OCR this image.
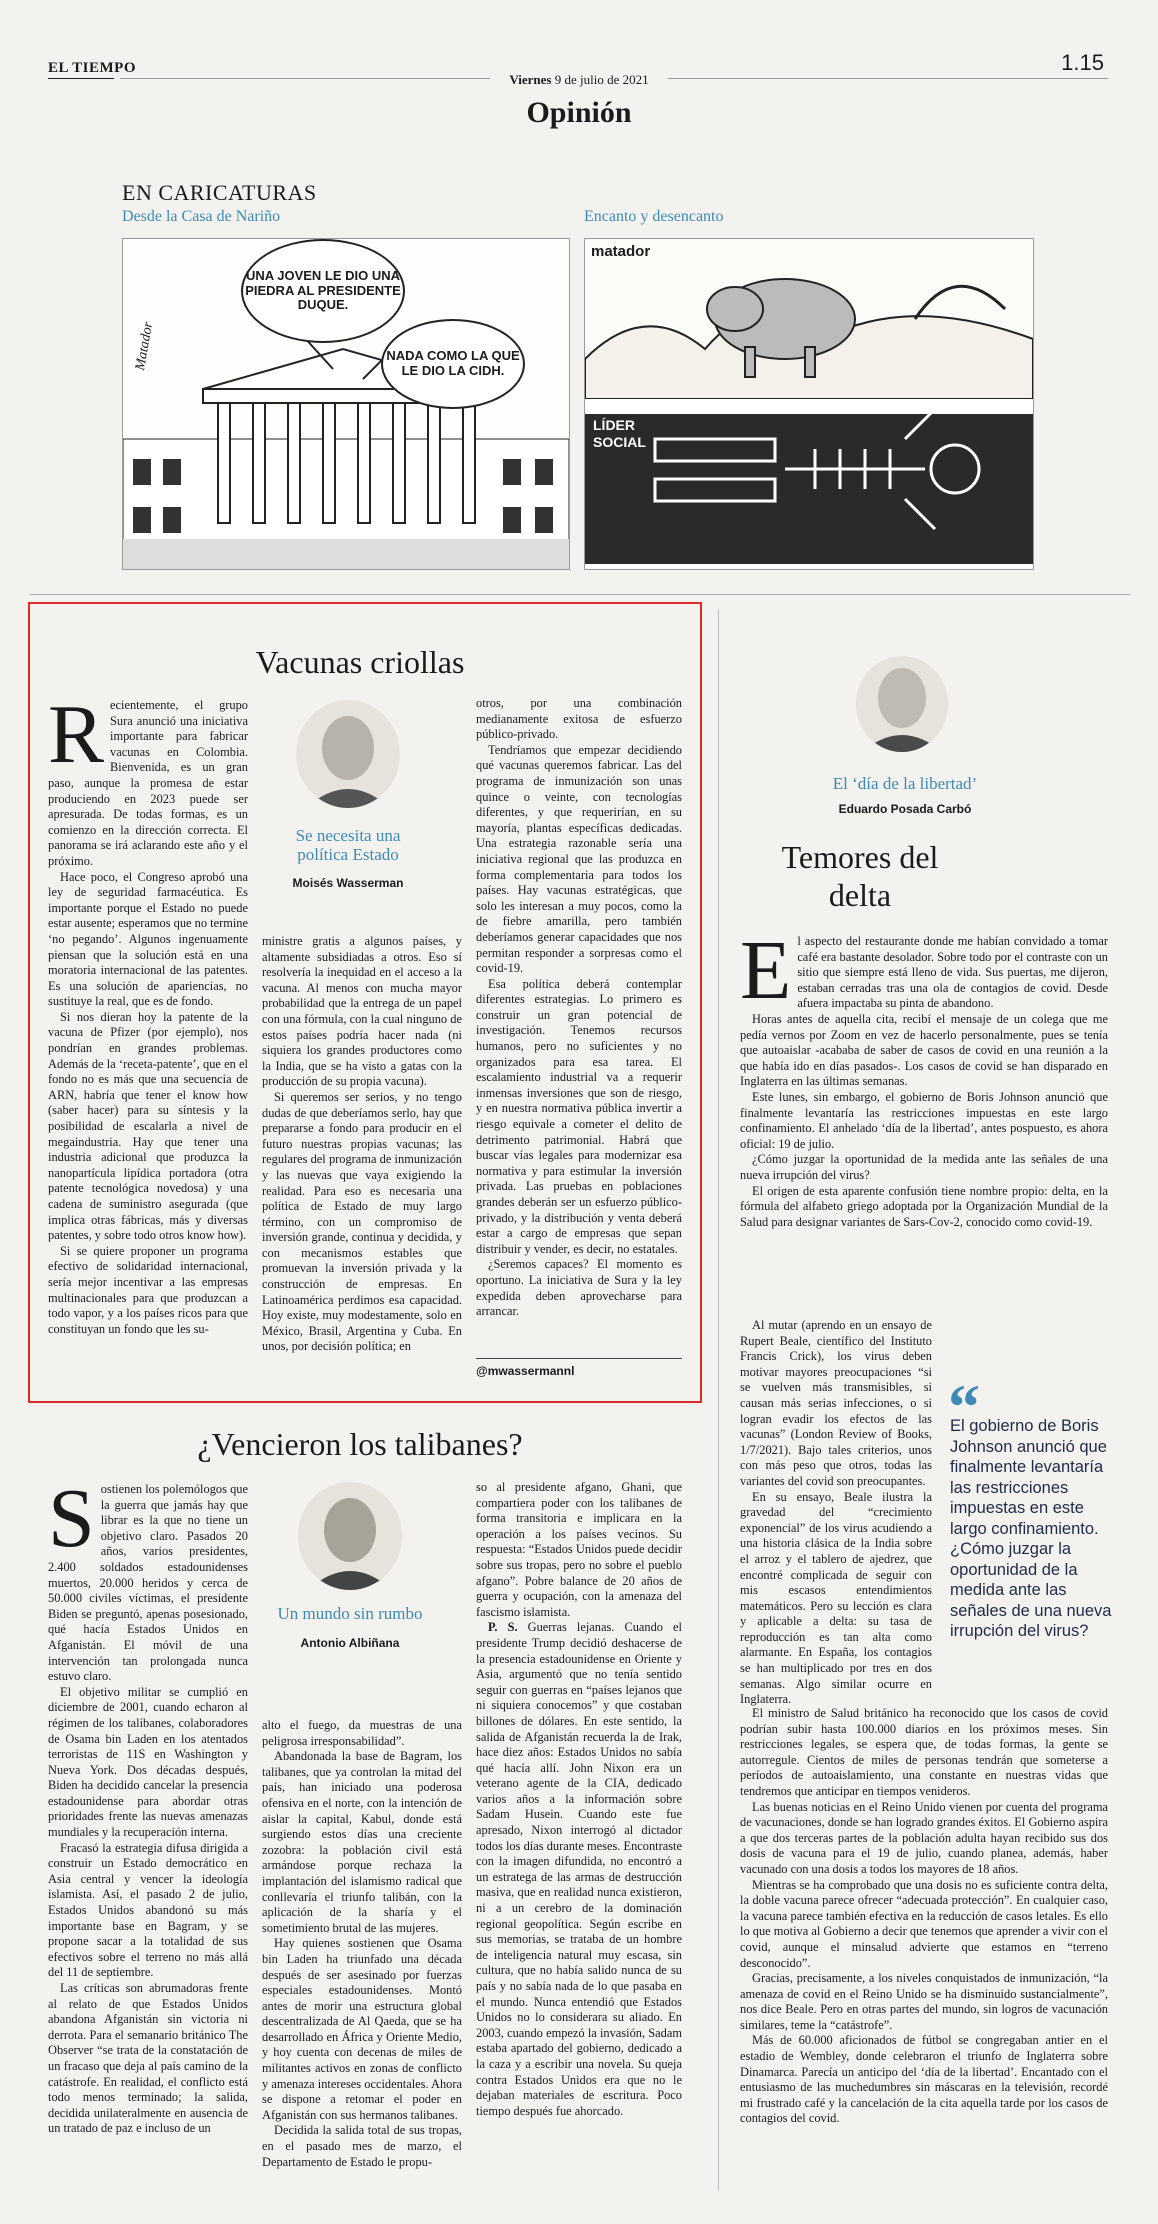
EL TIEMPO	1.15
Viernes 9 de julio de 2021
Opinión
EN CARICATURAS
Desde la Casa de Nariño	Encanto y desencanto
UNA JOVEN LE DIO UNA PIEDRA AL PRESIDENTE DUQUE.
NADA COMO LA QUE LE DIO LA CIDH.
Matador
matador
LÍDER SOCIAL
Vacunas criollas

Recientemente, el grupo Sura anunció una iniciativa importante para fabricar vacunas en Colombia. Bienvenida, es un gran paso, aunque la promesa de estar produciendo en 2023 puede ser apresurada. De todas formas, es un comienzo en la dirección correcta. El panorama se irá aclarando este año y el próximo.

Hace poco, el Congreso aprobó una ley de seguridad farmacéutica. Es importante porque el Estado no puede estar ausente; esperamos que no termine ‘no pegando’. Algunos ingenuamente piensan que la solución está en una moratoria internacional de las patentes. Es una solución de apariencias, no sustituye la real, que es de fondo.

Si nos dieran hoy la patente de la vacuna de Pfizer (por ejemplo), nos pondrían en grandes problemas. Además de la ‘receta-patente’, que en el fondo no es más que una secuencia de ARN, habría que tener el know how (saber hacer) para su síntesis y la posibilidad de escalarla a nivel de megaindustria. Hay que tener una industria adicional que produzca la nanopartícula lipídica portadora (otra patente tecnológica novedosa) y una cadena de suministro asegurada (que implica otras fábricas, más y diversas patentes, y sobre todo otros know how).

Si se quiere proponer un programa efectivo de solidaridad internacional, sería mejor incentivar a las empresas multinacionales para que produzcan a todo vapor, y a los países ricos para que constituyan un fondo que les su-

Se necesita una política Estado
Moisés Wasserman

ministre gratis a algunos países, y altamente subsidiadas a otros. Eso sí resolvería la inequidad en el acceso a la vacuna. Al menos con mucha mayor probabilidad que la entrega de un papel con una fórmula, con la cual ninguno de estos países podría hacer nada (ni siquiera los grandes productores como la India, que se ha visto a gatas con la producción de su propia vacuna).

Si queremos ser serios, y no tengo dudas de que deberíamos serlo, hay que prepararse a fondo para producir en el futuro nuestras propias vacunas; las regulares del programa de inmunización y las nuevas que vaya exigiendo la realidad. Para eso es necesaria una política de Estado de muy largo término, con un compromiso de inversión grande, continua y decidida, y con mecanismos estables que promuevan la inversión privada y la construcción de empresas. En Latinoamérica perdimos esa capacidad. Hoy existe, muy modestamente, solo en México, Brasil, Argentina y Cuba. En unos, por decisión política; en

otros, por una combinación medianamente exitosa de esfuerzo público-privado.

Tendríamos que empezar decidiendo qué vacunas queremos fabricar. Las del programa de inmunización son unas quince o veinte, con tecnologías diferentes, y que requerirían, en su mayoría, plantas específicas dedicadas. Una estrategia razonable sería una iniciativa regional que las produzca en forma complementaria para todos los países. Hay vacunas estratégicas, que solo les interesan a muy pocos, como la de fiebre amarilla, pero también deberíamos generar capacidades que nos permitan responder a sorpresas como el covid-19.

Esa política deberá contemplar diferentes estrategias. Lo primero es construir un gran potencial de investigación. Tenemos recursos humanos, pero no suficientes y no organizados para esa tarea. El escalamiento industrial va a requerir inmensas inversiones que son de riesgo, y en nuestra normativa pública invertir a riesgo equivale a cometer el delito de detrimento patrimonial. Habrá que buscar vías legales para modernizar esa normativa y para estimular la inversión privada. Las pruebas en poblaciones grandes deberán ser un esfuerzo público-privado, y la distribución y venta deberá estar a cargo de empresas que sepan distribuir y vender, es decir, no estatales.

¿Seremos capaces? El momento es oportuno. La iniciativa de Sura y la ley expedida deben aprovecharse para arrancar.

@mwassermannl
¿Vencieron los talibanes?

Sostienen los polemólogos que la guerra que jamás hay que librar es la que no tiene un objetivo claro. Pasados 20 años, varios presidentes, 2.400 soldados estadounidenses muertos, 20.000 heridos y cerca de 50.000 civiles víctimas, el presidente Biden se preguntó, apenas posesionado, qué hacía Estados Unidos en Afganistán. El móvil de una intervención tan prolongada nunca estuvo claro.

El objetivo militar se cumplió en diciembre de 2001, cuando echaron al régimen de los talibanes, colaboradores de Osama bin Laden en los atentados terroristas de 11S en Washington y Nueva York. Dos décadas después, Biden ha decidido cancelar la presencia estadounidense para abordar otras prioridades frente las nuevas amenazas mundiales y la recuperación interna.

Fracasó la estrategia difusa dirigida a construir un Estado democrático en Asia central y vencer la ideología islamista. Así, el pasado 2 de julio, Estados Unidos abandonó su más importante base en Bagram, y se propone sacar a la totalidad de sus efectivos sobre el terreno no más allá del 11 de septiembre.

Las críticas son abrumadoras frente al relato de que Estados Unidos abandona Afganistán sin victoria ni derrota. Para el semanario británico The Observer “se trata de la constatación de un fracaso que deja al país camino de la catástrofe. En realidad, el conflicto está todo menos terminado; la salida, decidida unilateralmente en ausencia de un tratado de paz e incluso de un

Un mundo sin rumbo
Antonio Albiñana

alto el fuego, da muestras de una peligrosa irresponsabilidad”.

Abandonada la base de Bagram, los talibanes, que ya controlan la mitad del país, han iniciado una poderosa ofensiva en el norte, con la intención de aislar la capital, Kabul, donde está surgiendo estos días una creciente zozobra: la población civil está armándose porque rechaza la implantación del islamismo radical que conllevaría el triunfo talibán, con la aplicación de la sharía y el sometimiento brutal de las mujeres.

Hay quienes sostienen que Osama bin Laden ha triunfado una década después de ser asesinado por fuerzas especiales estadounidenses. Montó antes de morir una estructura global descentralizada de Al Qaeda, que se ha desarrollado en África y Oriente Medio, y hoy cuenta con decenas de miles de militantes activos en zonas de conflicto y amenaza intereses occidentales. Ahora se dispone a retomar el poder en Afganistán con sus hermanos talibanes.

Decidida la salida total de sus tropas, en el pasado mes de marzo, el Departamento de Estado le propu-

so al presidente afgano, Ghani, que compartiera poder con los talibanes de forma transitoria e implicara en la operación a los países vecinos. Su respuesta: “Estados Unidos puede decidir sobre sus tropas, pero no sobre el pueblo afgano”. Pobre balance de 20 años de guerra y ocupación, con la amenaza del fascismo islamista.

P. S. Guerras lejanas. Cuando el presidente Trump decidió deshacerse de la presencia estadounidense en Oriente y Asia, argumentó que no tenía sentido seguir con guerras en “países lejanos que ni siquiera conocemos” y que costaban billones de dólares. En este sentido, la salida de Afganistán recuerda la de Irak, hace diez años: Estados Unidos no sabía qué hacía allí. John Nixon era un veterano agente de la CIA, dedicado varios años a la información sobre Sadam Husein. Cuando este fue apresado, Nixon interrogó al dictador todos los días durante meses. Encontraste con la imagen difundida, no encontró a un estratega de las armas de destrucción masiva, que en realidad nunca existieron, ni a un cerebro de la dominación regional geopolítica. Según escribe en sus memorias, se trataba de un hombre de inteligencia natural muy escasa, sin cultura, que no había salido nunca de su país y no sabía nada de lo que pasaba en el mundo. Nunca entendió que Estados Unidos no lo considerara su aliado. En 2003, cuando empezó la invasión, Sadam estaba apartado del gobierno, dedicado a la caza y a escribir una novela. Su queja contra Estados Unidos era que no le dejaban materiales de escritura. Poco tiempo después fue ahorcado.

El ‘día de la libertad’
Eduardo Posada Carbó
Temores del delta

El aspecto del restaurante donde me habían convidado a tomar café era bastante desolador. Sobre todo por el contraste con un sitio que siempre está lleno de vida. Sus puertas, me dijeron, estaban cerradas tras una ola de contagios de covid. Desde afuera impactaba su pinta de abandono.

Horas antes de aquella cita, recibí el mensaje de un colega que me pedía vernos por Zoom en vez de hacerlo personalmente, pues se tenía que autoaislar -acababa de saber de casos de covid en una reunión a la que había ido en días pasados-. Los casos de covid se han disparado en Inglaterra en las últimas semanas.

Este lunes, sin embargo, el gobierno de Boris Johnson anunció que finalmente levantaría las restricciones impuestas en este largo confinamiento. El anhelado ‘día de la libertad’, antes pospuesto, es ahora oficial: 19 de julio.

¿Cómo juzgar la oportunidad de la medida ante las señales de una nueva irrupción del virus?

El origen de esta aparente confusión tiene nombre propio: delta, en la fórmula del alfabeto griego adoptada por la Organización Mundial de la Salud para designar variantes de Sars-Cov-2, conocido como covid-19.

Al mutar (aprendo en un ensayo de Rupert Beale, científico del Instituto Francis Crick), los virus deben motivar mayores preocupaciones “si se vuelven más transmisibles, si causan más serias infecciones, o si logran evadir los efectos de las vacunas” (London Review of Books, 1/7/2021). Bajo tales criterios, unos con más peso que otros, todas las variantes del covid son preocupantes.

En su ensayo, Beale ilustra la gravedad del “crecimiento exponencial” de los virus acudiendo a una historia clásica de la India sobre el arroz y el tablero de ajedrez, que encontré complicada de seguir con mis escasos entendimientos matemáticos. Pero su lección es clara y aplicable a delta: su tasa de reproducción es tan alta como alarmante. En España, los contagios se han multiplicado por tres en dos semanas. Algo similar ocurre en Inglaterra.

“
El gobierno de Boris Johnson anunció que finalmente levantaría las restricciones impuestas en este largo confinamiento. ¿Cómo juzgar la oportunidad de la medida ante las señales de una nueva irrupción del virus?

El ministro de Salud británico ha reconocido que los casos de covid podrían subir hasta 100.000 diarios en los próximos meses. Sin restricciones legales, se espera que, de todas formas, la gente se autorregule. Cientos de miles de personas tendrán que someterse a períodos de autoaislamiento, una constante en nuestras vidas que tendremos que anticipar en tiempos venideros.

Las buenas noticias en el Reino Unido vienen por cuenta del programa de vacunaciones, donde se han logrado grandes éxitos. El Gobierno aspira a que dos terceras partes de la población adulta hayan recibido sus dos dosis de vacuna para el 19 de julio, cuando planea, además, haber vacunado con una dosis a todos los mayores de 18 años.

Mientras se ha comprobado que una dosis no es suficiente contra delta, la doble vacuna parece ofrecer “adecuada protección”. En cualquier caso, la vacuna parece también efectiva en la reducción de casos letales. Es ello lo que motiva al Gobierno a decir que tenemos que aprender a vivir con el covid, aunque el minsalud advierte que estamos en “terreno desconocido”.

Gracias, precisamente, a los niveles conquistados de inmunización, “la amenaza de covid en el Reino Unido se ha disminuido sustancialmente”, nos dice Beale. Pero en otras partes del mundo, sin logros de vacunación similares, teme la “catástrofe”.

Más de 60.000 aficionados de fútbol se congregaban antier en el estadio de Wembley, donde celebraron el triunfo de Inglaterra sobre Dinamarca. Parecía un anticipo del ‘día de la libertad’. Encantado con el entusiasmo de las muchedumbres sin máscaras en la televisión, recordé mi frustrado café y la cancelación de la cita aquella tarde por los casos de contagios del covid.
